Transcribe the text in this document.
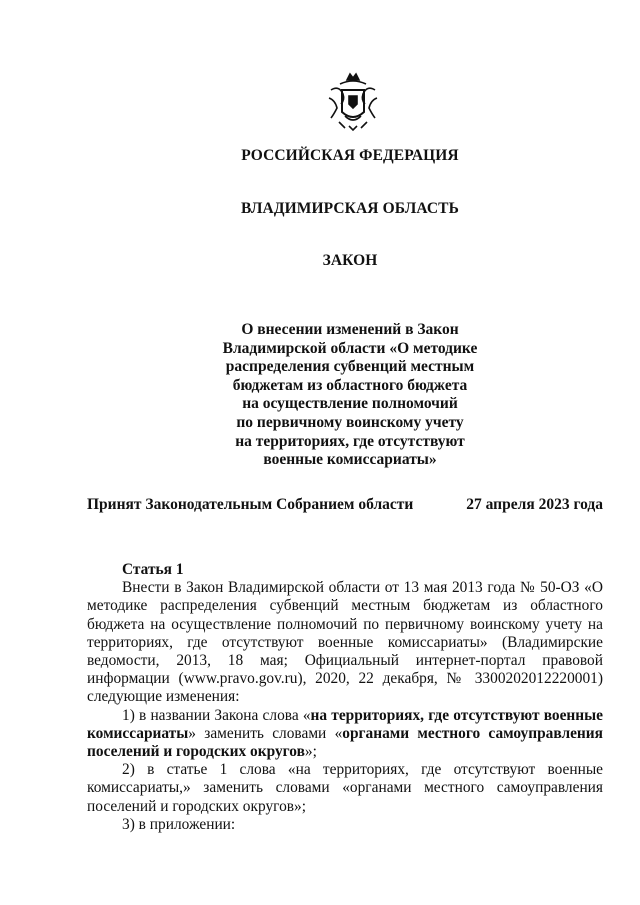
РОССИЙСКАЯ ФЕДЕРАЦИЯ
ВЛАДИМИРСКАЯ ОБЛАСТЬ
ЗАКОН
О внесении изменений в Закон
Владимирской области «О методике
распределения субвенций местным
бюджетам из областного бюджета
на осуществление полномочий
по первичному воинскому учету
на территориях, где отсутствуют
военные комиссариаты»
Принят Законодательным Собранием области	27 апреля 2023 года

Статья 1

Внести в Закон Владимирской области от 13 мая 2013 года № 50-ОЗ «О методике распределения субвенций местным бюджетам из областного бюджета на осуществление полномочий по первичному воинскому учету на территориях, где отсутствуют военные комиссариаты» (Владимирские ведомости, 2013, 18 мая; Официальный интернет-портал правовой информации (www.pravo.gov.ru), 2020, 22 декабря, № 3300202012220001) следующие изменения:

1) в названии Закона слова «на территориях, где отсутствуют военные комиссариаты» заменить словами «органами местного самоуправления поселений и городских округов»;

2) в статье 1 слова «на территориях, где отсутствуют военные комиссариаты,» заменить словами «органами местного самоуправления поселений и городских округов»;

3) в приложении:
